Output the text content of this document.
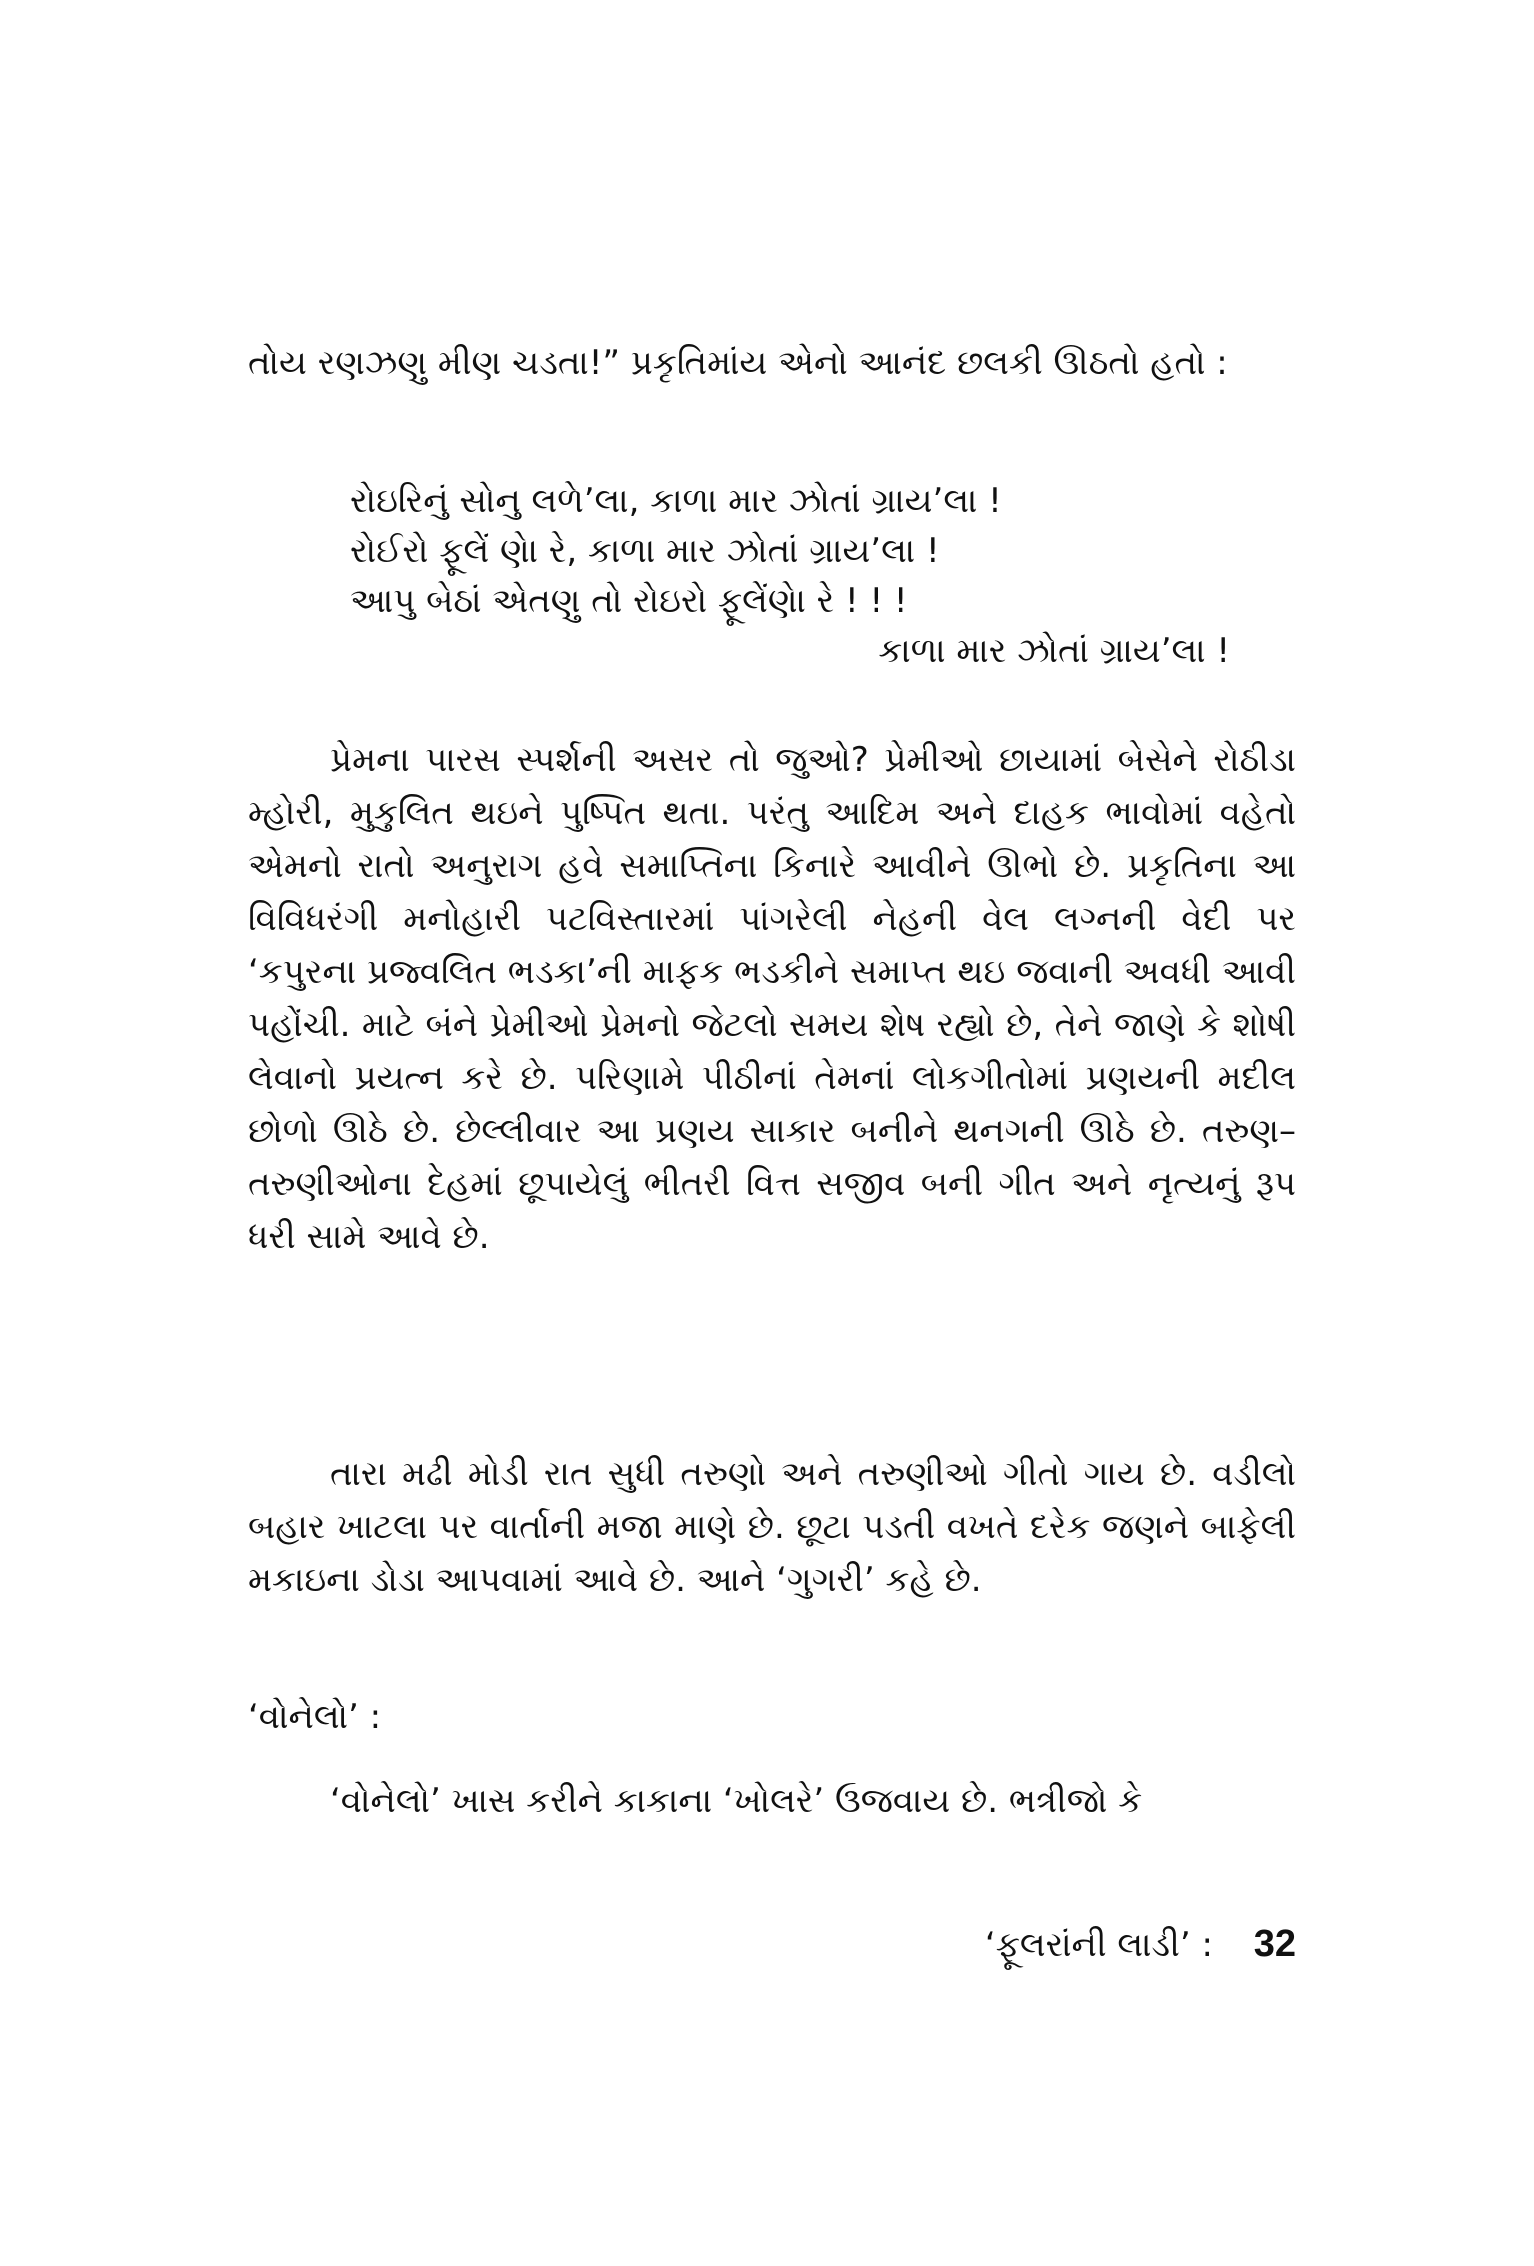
તોય રણઝણુ મીણ ચડતા!” પ્રકૃતિમાંય એનો આનંદ છલકી ઊઠતો હતો :
રોઇરિનું સોનુ લળે’લા, કાળા માર ઝોતાં ગ્રાય’લા !
રોઈરો ફૂલેં ણેા રે, કાળા માર ઝોતાં ગ્રાય’લા !
આપુ બેઠાં એતણુ તો રોઇરો ફૂલેંણેા રે ! ! !
કાળા માર ઝોતાં ગ્રાય’લા !
પ્રેમના પારસ સ્પર્શની અસર તો જુઓ? પ્રેમીઓ છાયામાં બેસેને રોઠીડા મ્હોરી, મુકુલિત થઇને પુષ્પિત થતા. પરંતુ આદિમ અને દાહક ભાવોમાં વહેતો એમનો રાતો અનુરાગ હવે સમાપ્તિના કિનારે આવીને ઊભો છે. પ્રકૃતિના આ વિવિધરંગી મનોહારી પટવિસ્તારમાં પાંગરેલી નેહની વેલ લગ્નની વેદી પર ‘કપુરના પ્રજ્વલિત ભડકા’ની માફક ભડકીને સમાપ્ત થઇ જવાની અવધી આવી પહોંચી. માટે બંને પ્રેમીઓ પ્રેમનો જેટલો સમય શેષ રહ્યો છે, તેને જાણે કે શોષી લેવાનો પ્રયત્ન કરે છે. પરિણામે પીઠીનાં તેમનાં લોકગીતોમાં પ્રણયની મદીલ છોળો ઊઠે છે. છેલ્લીવાર આ પ્રણય સાકાર બનીને થનગની ઊઠે છે. તરુણ–તરુણીઓના દેહમાં છૂપાયેલું ભીતરી વિત્ત સજીવ બની ગીત અને નૃત્યનું રૂપ ધરી સામે આવે છે.
તારા મઢી મોડી રાત સુધી તરુણો અને તરુણીઓ ગીતો ગાય છે. વડીલો બહાર ખાટલા પર વાર્તાની મજા માણે છે. છૂટા પડતી વખતે દરેક જણને બાફેલી મકાઇના ડોડા આપવામાં આવે છે. આને ‘ગુગરી’ કહે છે.
‘વોનેલો’ :
‘વોનેલો’ ખાસ કરીને કાકાના ‘ખોલરે’ ઉજવાય છે. ભત્રીજો કે
‘ફૂલરાંની લાડી’ : 32
